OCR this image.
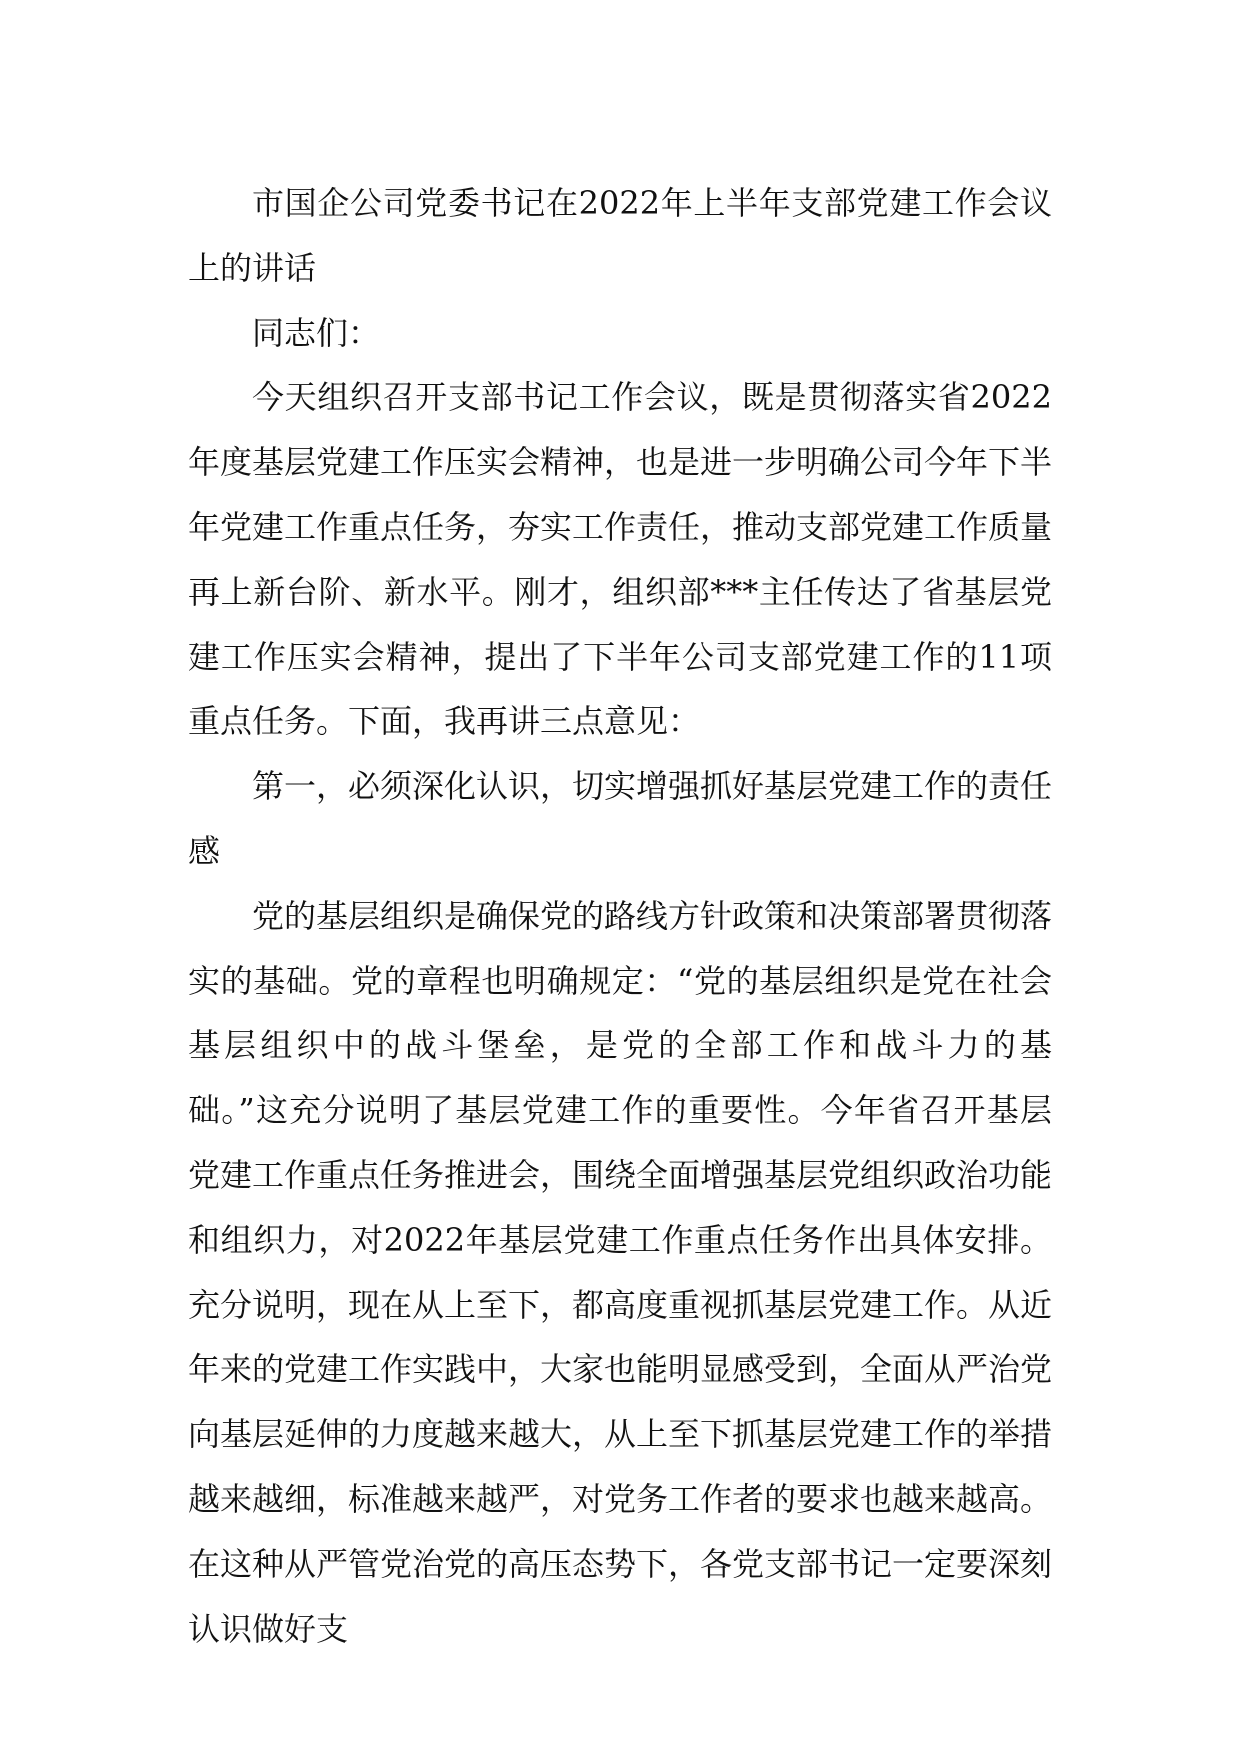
市国企公司党委书记在2022年上半年支部党建工作会议上的讲话

同志们：

今天组织召开支部书记工作会议，既是贯彻落实省2022年度基层党建工作压实会精神，也是进一步明确公司今年下半年党建工作重点任务，夯实工作责任，推动支部党建工作质量再上新台阶、新水平。刚才，组织部***主任传达了省基层党建工作压实会精神，提出了下半年公司支部党建工作的11项重点任务。下面，我再讲三点意见：

第一，必须深化认识，切实增强抓好基层党建工作的责任感

党的基层组织是确保党的路线方针政策和决策部署贯彻落实的基础。党的章程也明确规定：“党的基层组织是党在社会基层组织中的战斗堡垒，是党的全部工作和战斗力的基础。”这充分说明了基层党建工作的重要性。今年省召开基层党建工作重点任务推进会，围绕全面增强基层党组织政治功能和组织力，对2022年基层党建工作重点任务作出具体安排。充分说明，现在从上至下，都高度重视抓基层党建工作。从近年来的党建工作实践中，大家也能明显感受到，全面从严治党向基层延伸的力度越来越大，从上至下抓基层党建工作的举措越来越细，标准越来越严，对党务工作者的要求也越来越高。在这种从严管党治党的高压态势下，各党支部书记一定要深刻认识做好支
